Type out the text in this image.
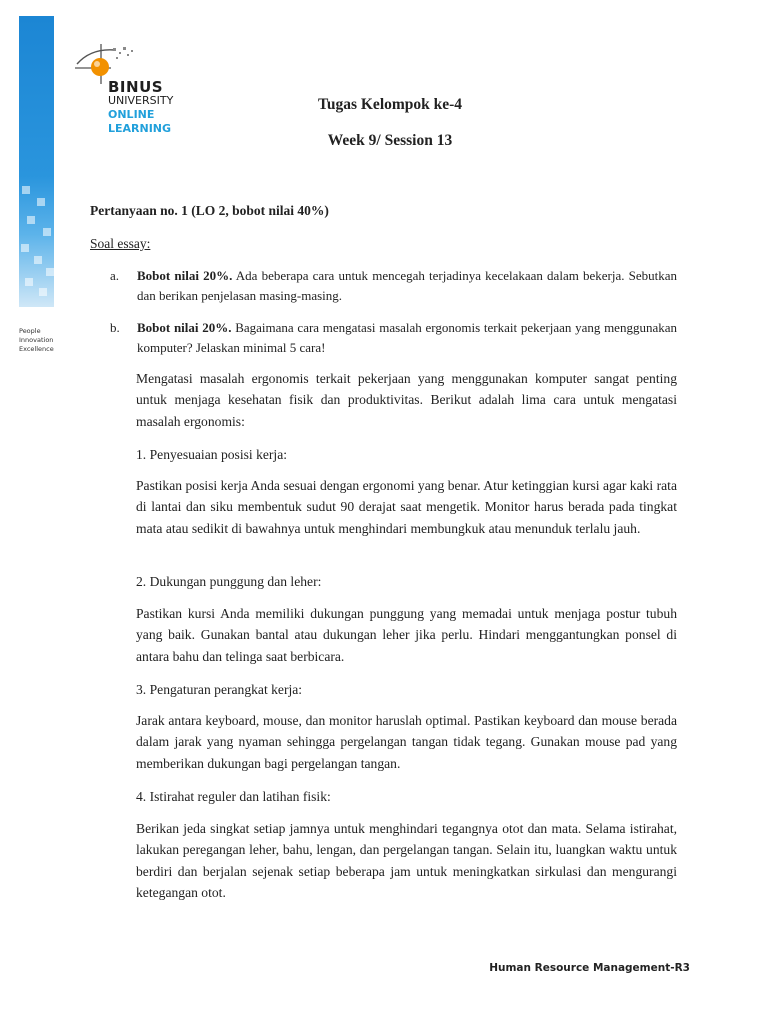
People
Innovation
Excellence
BINUS
UNIVERSITY
ONLINE
LEARNING
Tugas Kelompok ke-4
Week 9/ Session 13
Pertanyaan no. 1 (LO 2, bobot nilai 40%)
Soal essay:
a. Bobot nilai 20%. Ada beberapa cara untuk mencegah terjadinya kecelakaan dalam bekerja. Sebutkan dan berikan penjelasan masing-masing.
b. Bobot nilai 20%. Bagaimana cara mengatasi masalah ergonomis terkait pekerjaan yang menggunakan komputer? Jelaskan minimal 5 cara!
Mengatasi masalah ergonomis terkait pekerjaan yang menggunakan komputer sangat penting untuk menjaga kesehatan fisik dan produktivitas. Berikut adalah lima cara untuk mengatasi masalah ergonomis:
1. Penyesuaian posisi kerja:
Pastikan posisi kerja Anda sesuai dengan ergonomi yang benar. Atur ketinggian kursi agar kaki rata di lantai dan siku membentuk sudut 90 derajat saat mengetik. Monitor harus berada pada tingkat mata atau sedikit di bawahnya untuk menghindari membungkuk atau menunduk terlalu jauh.
2. Dukungan punggung dan leher:
Pastikan kursi Anda memiliki dukungan punggung yang memadai untuk menjaga postur tubuh yang baik. Gunakan bantal atau dukungan leher jika perlu. Hindari menggantungkan ponsel di antara bahu dan telinga saat berbicara.
3. Pengaturan perangkat kerja:
Jarak antara keyboard, mouse, dan monitor haruslah optimal. Pastikan keyboard dan mouse berada dalam jarak yang nyaman sehingga pergelangan tangan tidak tegang. Gunakan mouse pad yang memberikan dukungan bagi pergelangan tangan.
4. Istirahat reguler dan latihan fisik:
Berikan jeda singkat setiap jamnya untuk menghindari tegangnya otot dan mata. Selama istirahat, lakukan peregangan leher, bahu, lengan, dan pergelangan tangan. Selain itu, luangkan waktu untuk berdiri dan berjalan sejenak setiap beberapa jam untuk meningkatkan sirkulasi dan mengurangi ketegangan otot.
Human Resource Management-R3
